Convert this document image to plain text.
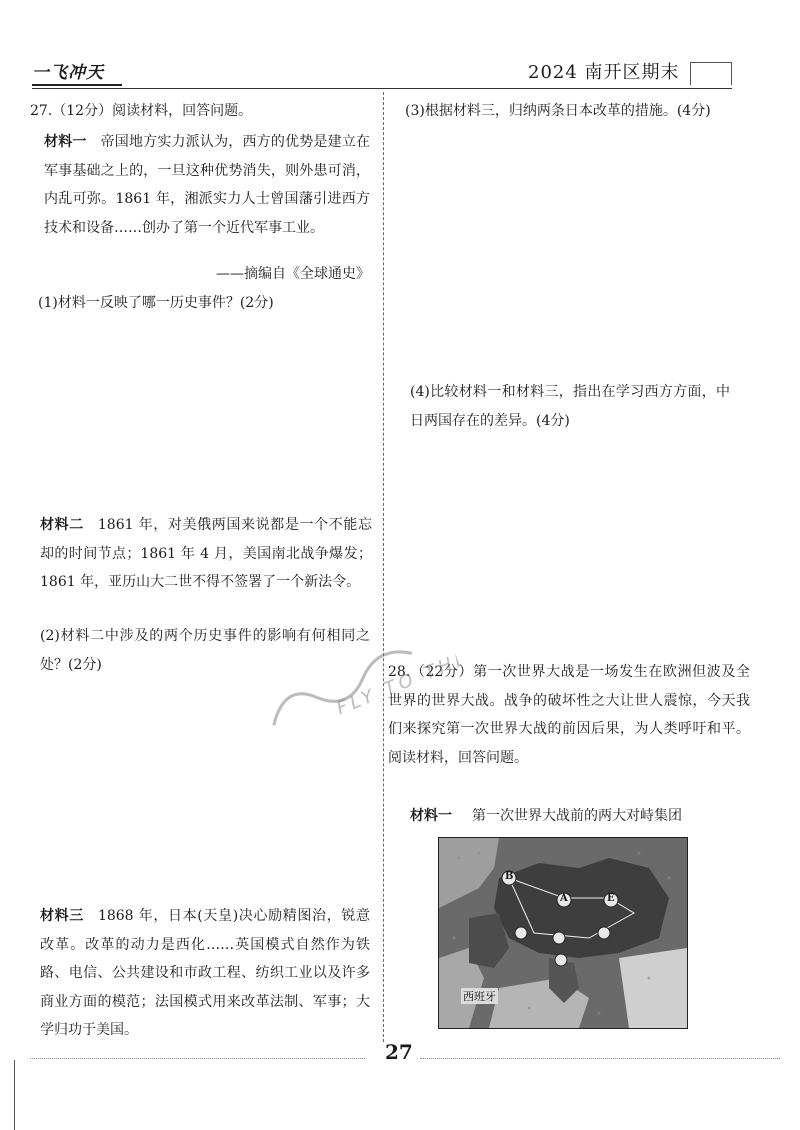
一飞冲天	2024 南开区期末
27.（12分）阅读材料，回答问题。
材料一 帝国地方实力派认为，西方的优势是建立在军事基础之上的，一旦这种优势消失，则外患可消，内乱可弥。1861 年，湘派实力人士曾国藩引进西方技术和设备……创办了第一个近代军事工业。
——摘编自《全球通史》
(1)材料一反映了哪一历史事件？(2分)
材料二 1861 年，对美俄两国来说都是一个不能忘却的时间节点；1861 年 4 月，美国南北战争爆发；1861 年，亚历山大二世不得不签署了一个新法令。
(2)材料二中涉及的两个历史事件的影响有何相同之处？(2分)
材料三 1868 年，日本(天皇)决心励精图治，锐意改革。改革的动力是西化……英国模式自然作为铁路、电信、公共建设和市政工程、纺织工业以及许多商业方面的模范；法国模式用来改革法制、军事；大学归功于美国。
(3)根据材料三，归纳两条日本改革的措施。(4分)
(4)比较材料一和材料三，指出在学习西方方面，中日两国存在的差异。(4分)
28.（22分）第一次世界大战是一场发生在欧洲但波及全世界的世界大战。战争的破坏性之大让世人震惊，今天我们来探究第一次世界大战的前因后果，为人类呼吁和平。阅读材料，回答问题。
材料一 第一次世界大战前的两大对峙集团
B
A	E
西班牙
FLY TO THE
27
